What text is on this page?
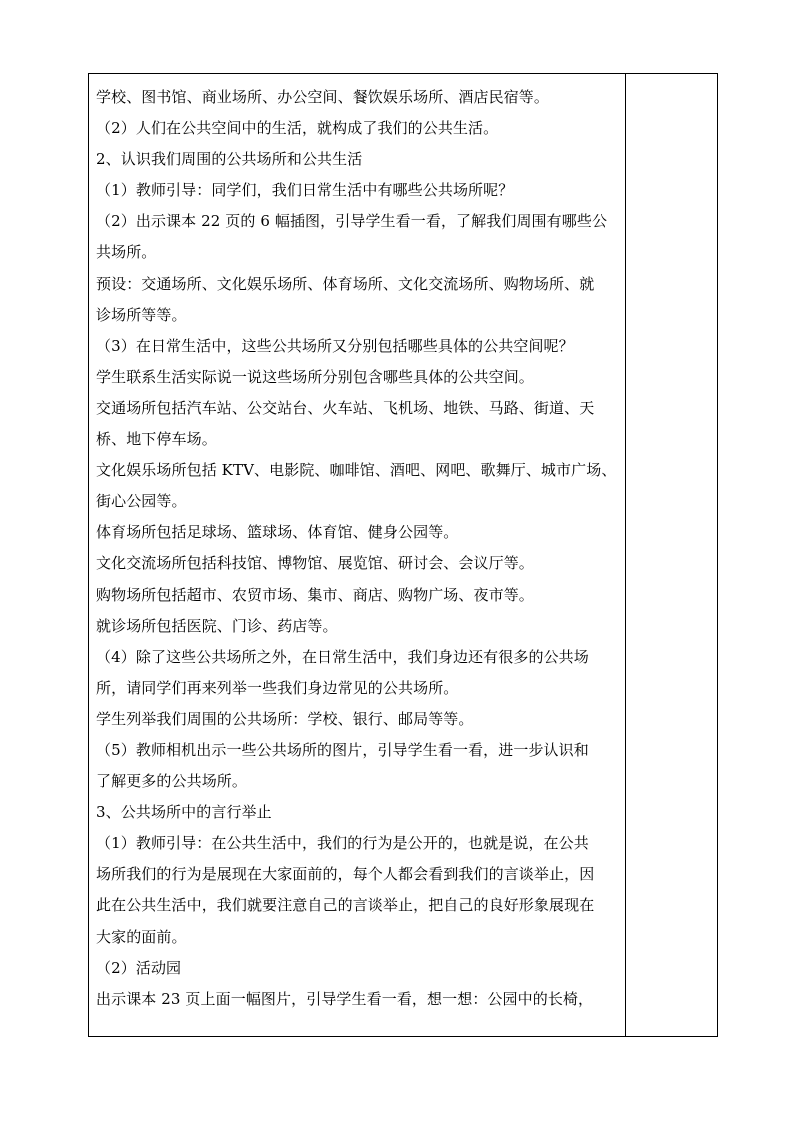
学校、图书馆、商业场所、办公空间、餐饮娱乐场所、酒店民宿等。
（2）人们在公共空间中的生活，就构成了我们的公共生活。
2、认识我们周围的公共场所和公共生活
（1）教师引导：同学们，我们日常生活中有哪些公共场所呢？
（2）出示课本 22 页的 6 幅插图，引导学生看一看，了解我们周围有哪些公
共场所。
预设：交通场所、文化娱乐场所、体育场所、文化交流场所、购物场所、就
诊场所等等。
（3）在日常生活中，这些公共场所又分别包括哪些具体的公共空间呢？
学生联系生活实际说一说这些场所分别包含哪些具体的公共空间。
交通场所包括汽车站、公交站台、火车站、飞机场、地铁、马路、街道、天
桥、地下停车场。
文化娱乐场所包括 KTV、电影院、咖啡馆、酒吧、网吧、歌舞厅、城市广场、
街心公园等。
体育场所包括足球场、篮球场、体育馆、健身公园等。
文化交流场所包括科技馆、博物馆、展览馆、研讨会、会议厅等。
购物场所包括超市、农贸市场、集市、商店、购物广场、夜市等。
就诊场所包括医院、门诊、药店等。
（4）除了这些公共场所之外，在日常生活中，我们身边还有很多的公共场
所，请同学们再来列举一些我们身边常见的公共场所。
学生列举我们周围的公共场所：学校、银行、邮局等等。
（5）教师相机出示一些公共场所的图片，引导学生看一看，进一步认识和
了解更多的公共场所。
3、公共场所中的言行举止
（1）教师引导：在公共生活中，我们的行为是公开的，也就是说，在公共
场所我们的行为是展现在大家面前的，每个人都会看到我们的言谈举止，因
此在公共生活中，我们就要注意自己的言谈举止，把自己的良好形象展现在
大家的面前。
（2）活动园
出示课本 23 页上面一幅图片，引导学生看一看，想一想：公园中的长椅，
